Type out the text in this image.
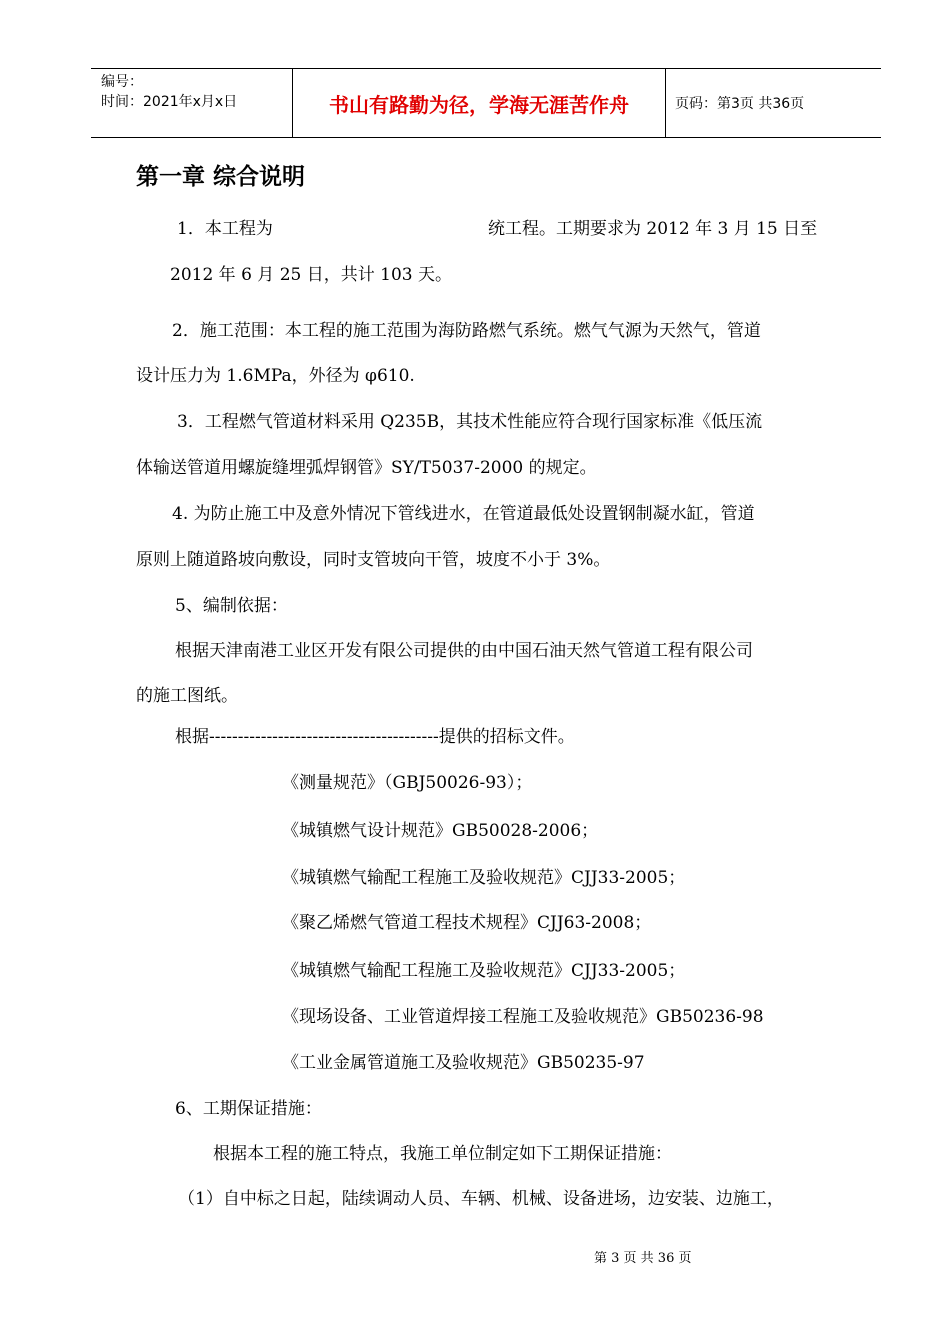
编号：
时间：2021年x月x日	书山有路勤为径，学海无涯苦作舟	页码：第3页 共36页
第一章 综合说明
1．本工程为	统工程。工期要求为 2012 年 3 月 15 日至
2012 年 6 月 25 日，共计 103 天。
2．施工范围：本工程的施工范围为海防路燃气系统。燃气气源为天然气，管道
设计压力为 1.6MPa，外径为 φ610.
3．工程燃气管道材料采用 Q235B，其技术性能应符合现行国家标准《低压流
体输送管道用螺旋缝埋弧焊钢管》SY/T5037-2000 的规定。
4. 为防止施工中及意外情况下管线进水，在管道最低处设置钢制凝水缸，管道
原则上随道路坡向敷设，同时支管坡向干管，坡度不小于 3%。
5、编制依据：
根据天津南港工业区开发有限公司提供的由中国石油天然气管道工程有限公司
的施工图纸。
根据----------------------------------------提供的招标文件。
《测量规范》（GBJ50026-93）；
《城镇燃气设计规范》GB50028-2006；
《城镇燃气输配工程施工及验收规范》CJJ33-2005；
《聚乙烯燃气管道工程技术规程》CJJ63-2008；
《城镇燃气输配工程施工及验收规范》CJJ33-2005；
《现场设备、工业管道焊接工程施工及验收规范》GB50236-98
《工业金属管道施工及验收规范》GB50235-97
6、工期保证措施：
根据本工程的施工特点，我施工单位制定如下工期保证措施：
（1）自中标之日起，陆续调动人员、车辆、机械、设备进场，边安装、边施工，
第 3 页 共 36 页
